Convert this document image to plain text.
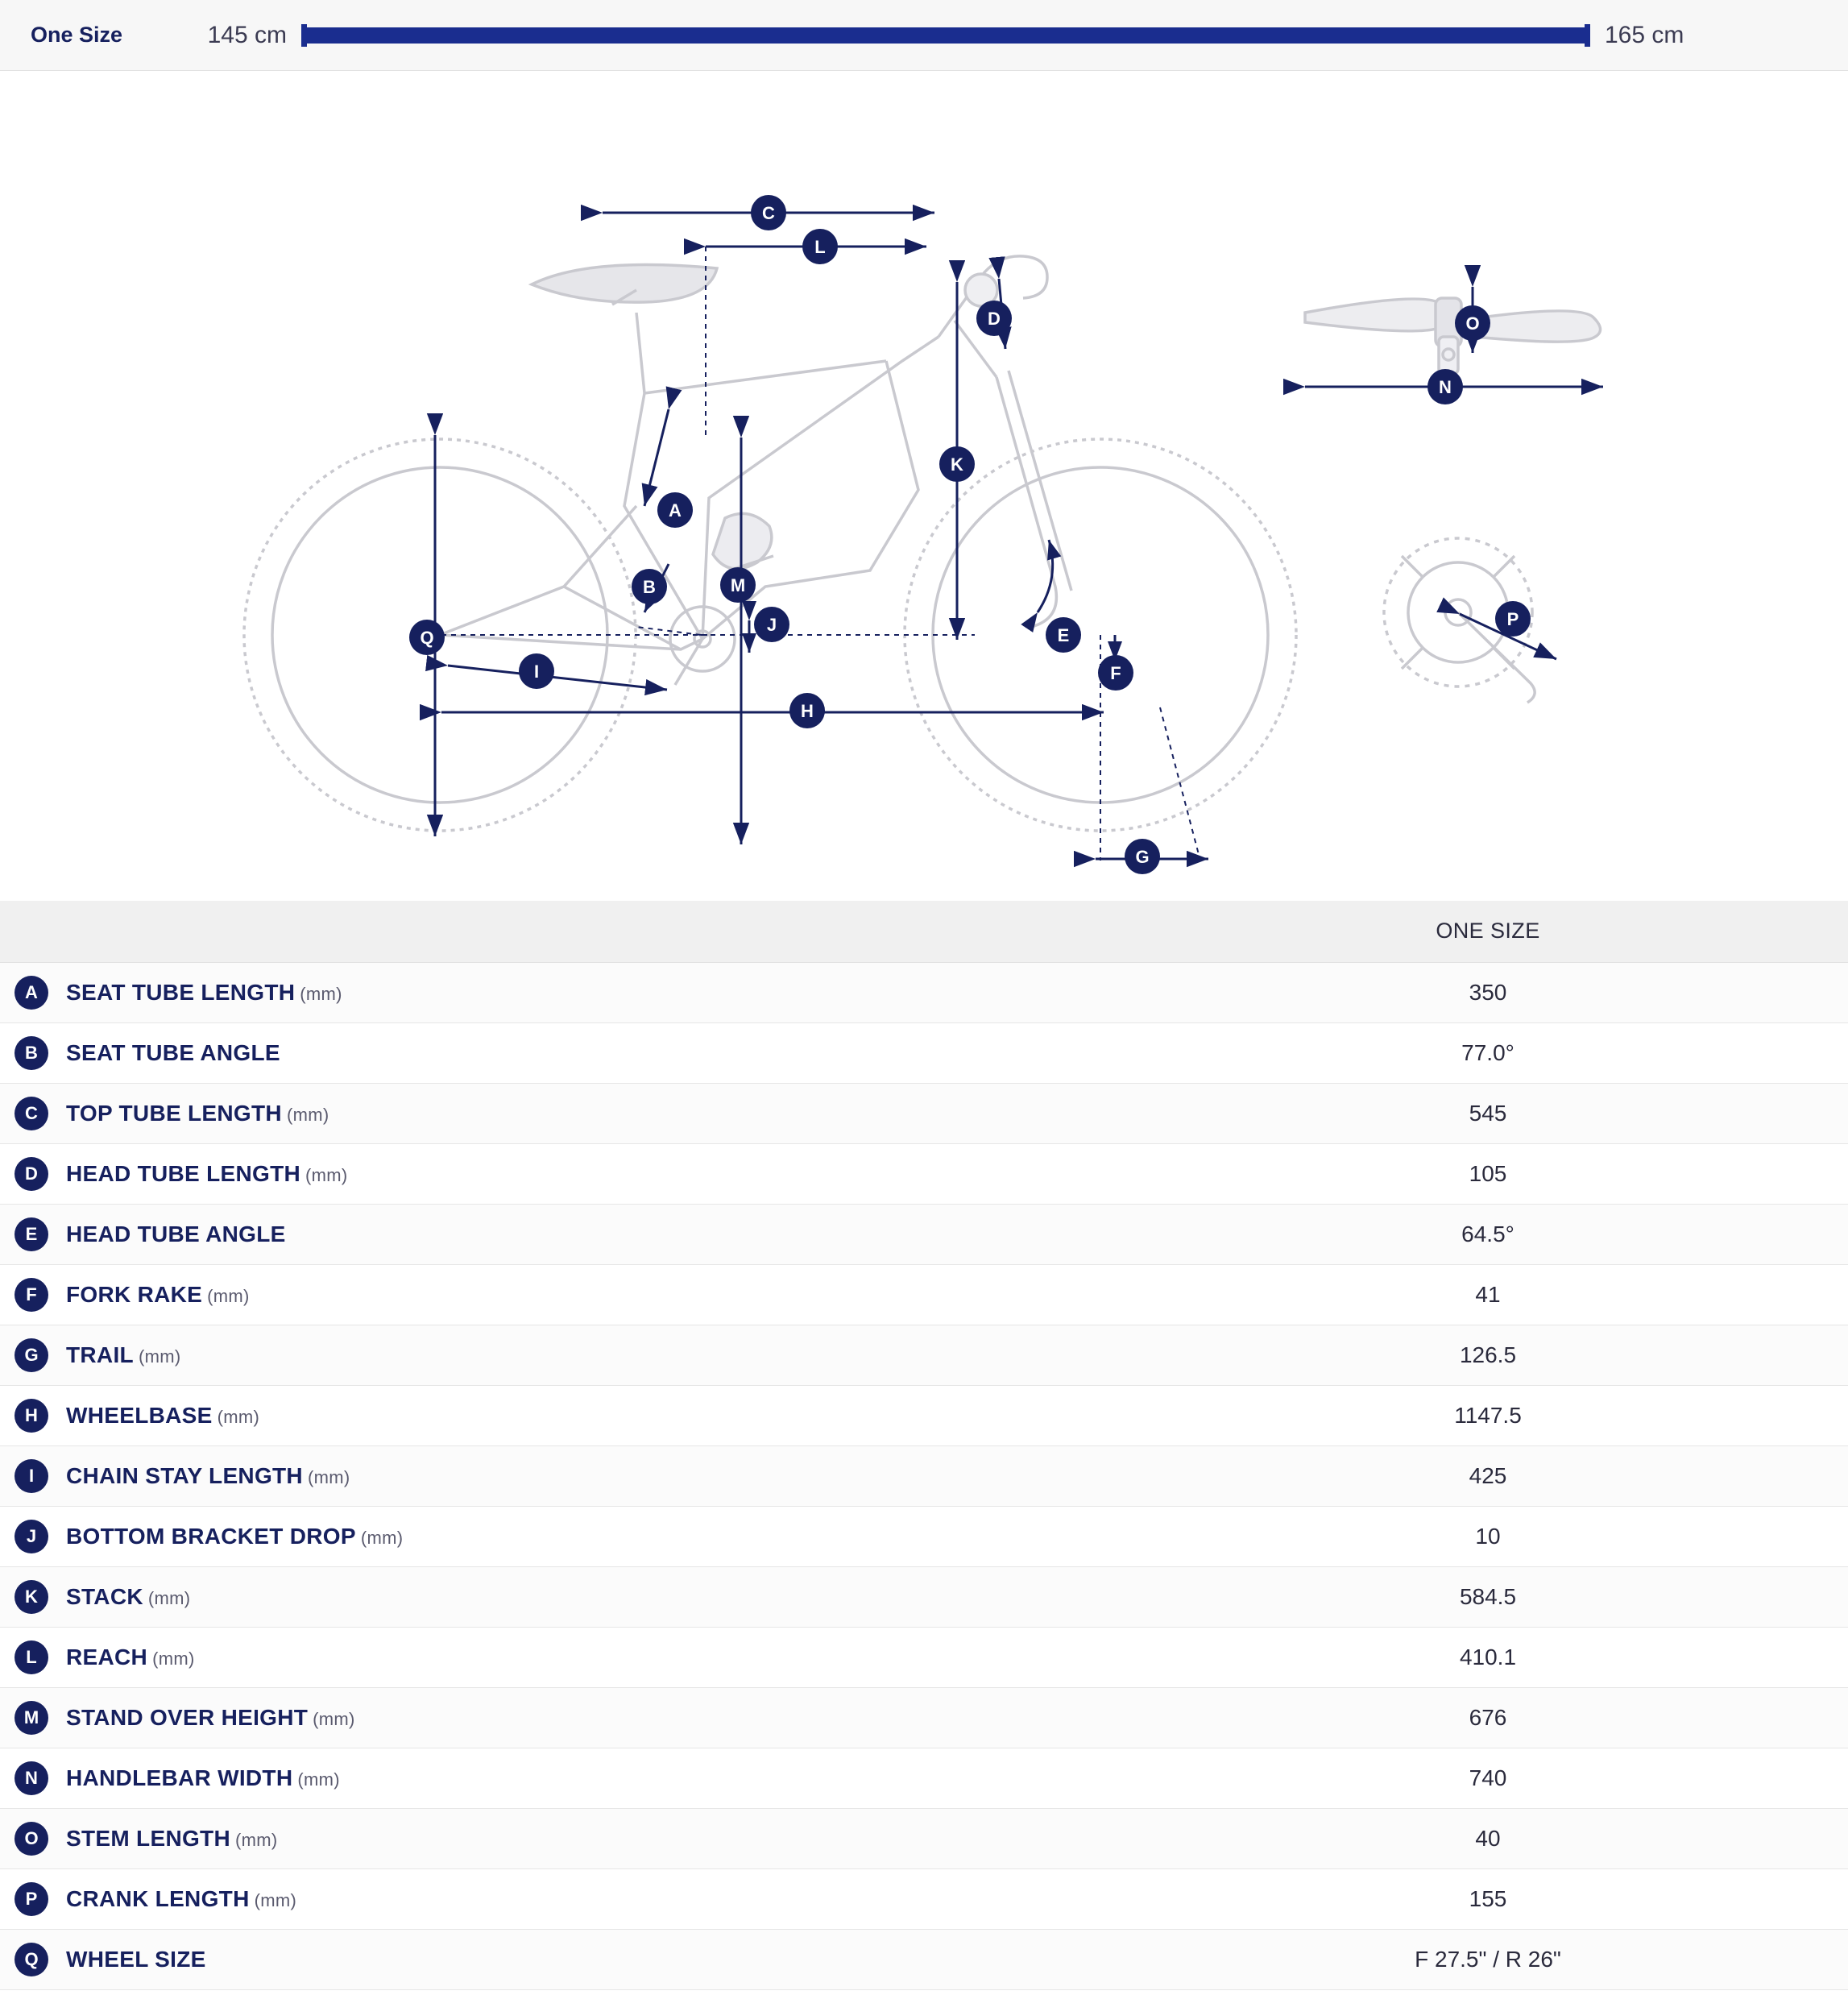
One Size	145 cm	165 cm
C
L
D
K
A
B	M
J
Q
I
H
E
F
G
O
N
P
	ONE SIZE

A SEAT TUBE LENGTH (mm)	350

B SEAT TUBE ANGLE	77.0°

C TOP TUBE LENGTH (mm)	545

D HEAD TUBE LENGTH (mm)	105

E HEAD TUBE ANGLE	64.5°

F FORK RAKE (mm)	41

G TRAIL (mm)	126.5

H WHEELBASE (mm)	1147.5

I CHAIN STAY LENGTH (mm)	425

J BOTTOM BRACKET DROP (mm)	10

K STACK (mm)	584.5

L REACH (mm)	410.1

M STAND OVER HEIGHT (mm)	676

N HANDLEBAR WIDTH (mm)	740

O STEM LENGTH (mm)	40

P CRANK LENGTH (mm)	155

Q WHEEL SIZE	F 27.5" / R 26"
